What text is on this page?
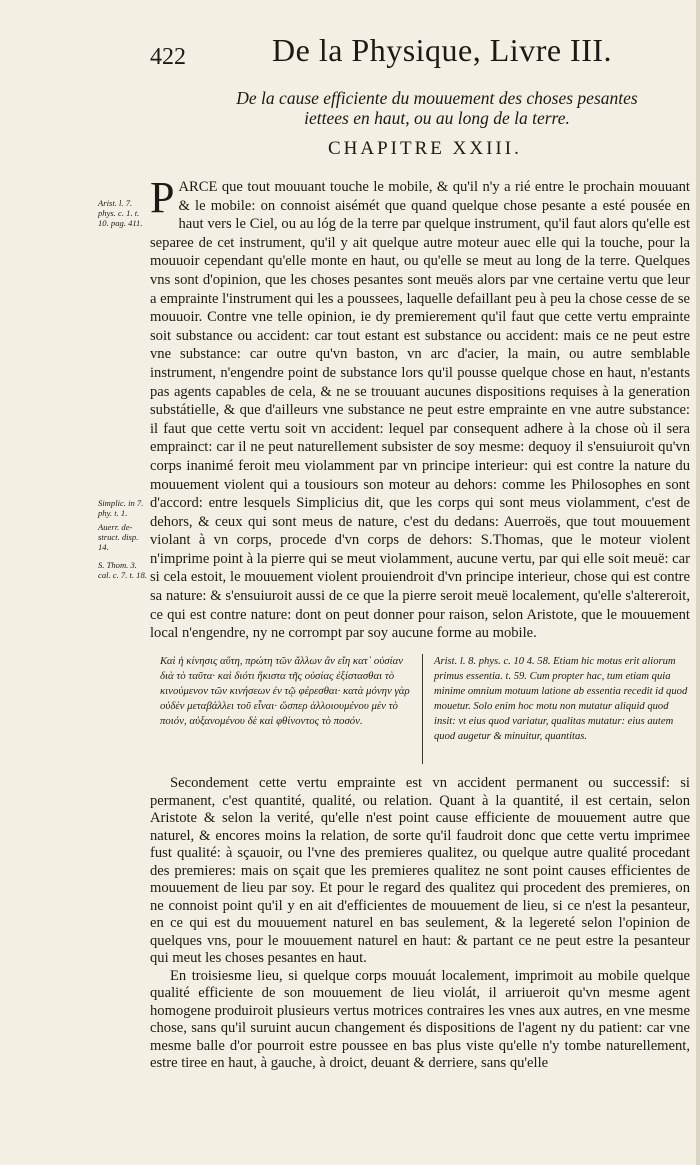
422	De la Physique, Livre III.
De la cause efficiente du mouuement des choses pesantes iettees en haut, ou au long de la terre.
CHAPITRE XXIII.
Arist. l. 7. phys. c. 1. t. 10. pag. 411.
Simplic. in 7. phy. t. 1.
Auerr. de- struct. disp. 14.
S. Thom. 3. cal. c. 7. t. 18.
PARCE que tout mouuant touche le mobile, & qu'il n'y a rié entre le prochain mouuant & le mobile: on connoist aisémét que quand quelque chose pesante a esté pousée en haut vers le Ciel, ou au lóg de la terre par quelque instrument, qu'il faut alors qu'elle est separee de cet instrument, qu'il y ait quelque autre moteur auec elle qui la touche, pour la mouuoir cependant qu'elle monte en haut, ou qu'elle se meut au long de la terre. Quelques vns sont d'opinion, que les choses pesantes sont meuës alors par vne certaine vertu que leur a emprainte l'instrument qui les a poussees, laquelle defaillant peu à peu la chose cesse de se mouuoir. Contre vne telle opinion, ie dy premierement qu'il faut que cette vertu emprainte soit substance ou accident: car tout estant est substance ou accident: mais ce ne peut estre vne substance: car outre qu'vn baston, vn arc d'acier, la main, ou autre semblable instrument, n'engendre point de substance lors qu'il pousse quelque chose en haut, n'estants pas agents capables de cela, & ne se trouuant aucunes dispositions requises à la generation substátielle, & que d'ailleurs vne substance ne peut estre emprainte en vne autre substance: il faut que cette vertu soit vn accident: lequel par consequent adhere à la chose où il sera emprainct: car il ne peut naturellement subsister de soy mesme: dequoy il s'ensuiuroit qu'vn corps inanimé feroit meu violamment par vn principe interieur: qui est contre la nature du mouuement violent qui a tousiours son moteur au dehors: comme les Philosophes en sont d'accord: entre lesquels Simplicius dit, que les corps qui sont meus violamment, c'est de dehors, & ceux qui sont meus de nature, c'est du dedans: Auerroës, que tout mouuement violant à vn corps, procede d'vn corps de dehors: S.Thomas, que le moteur violent n'imprime point à la pierre qui se meut violamment, aucune vertu, par qui elle soit meuë: car si cela estoit, le mouuement violent prouiendroit d'vn principe interieur, chose qui est contre sa nature: & s'ensuiuroit aussi de ce que la pierre seroit meuë localement, qu'elle s'altereroit, ce qui est contre nature: dont on peut donner pour raison, selon Aristote, que le mouuement local n'engendre, ny ne corrompt par soy aucune forme au mobile.
Καὶ ἡ κίνησις αὕτη, πρώτη τῶν ἄλλων ἂν εἴη κατ᾽ οὐσίαν διὰ τὸ ταῦτα· καὶ διότι ἥκιστα τῆς οὐσίας ἐξίστασθαι τὸ κινούμενον τῶν κινήσεων ἐν τῷ φέρεσθαι· κατὰ μόνην γὰρ οὐδὲν μεταβάλλει τοῦ εἶναι· ὥσπερ ἀλλοιουμένου μὲν τὸ ποιόν, αὐξανομένου δὲ καὶ φθίνοντος τὸ ποσόν.
Arist. l. 8. phys. c. 10 4. 58. Etiam hic motus erit aliorum primus essentia. t. 59. Cum propter hac, tum etiam quia minime omnium motuum latione ab essentia recedit id quod mouetur. Solo enim hoc motu non mutatur aliquid quod insit: vt eius quod variatur, qualitas mutatur: eius autem quod augetur & minuitur, quantitas.

Secondement cette vertu emprainte est vn accident permanent ou successif: si permanent, c'est quantité, qualité, ou relation. Quant à la quantité, il est certain, selon Aristote & selon la verité, qu'elle n'est point cause efficiente de mouuement autre que naturel, & encores moins la relation, de sorte qu'il faudroit donc que cette vertu imprimee fust qualité: à sçauoir, ou l'vne des premieres qualitez, ou quelque autre qualité procedant des premieres: mais on sçait que les premieres qualitez ne sont point causes efficientes de mouuement de lieu par soy. Et pour le regard des qualitez qui procedent des premieres, on ne connoist point qu'il y en ait d'efficientes de mouuement de lieu, si ce n'est la pesanteur, en ce qui est du mouuement naturel en bas seulement, & la legereté selon l'opinion de quelques vns, pour le mouuement naturel en haut: & partant ce ne peut estre la pesanteur qui meut les choses pesantes en haut.

En troisiesme lieu, si quelque corps mouuát localement, imprimoit au mobile quelque qualité efficiente de son mouuement de lieu violát, il arriueroit qu'vn mesme agent homogene produiroit plusieurs vertus motrices contraires les vnes aux autres, en vne mesme chose, sans qu'il suruint aucun changement és dispositions de l'agent ny du patient: car vne mesme balle d'or pourroit estre poussee en bas plus viste qu'elle n'y tombe naturellement, estre tiree en haut, à gauche, à droict, deuant & derriere, sans qu'elle
